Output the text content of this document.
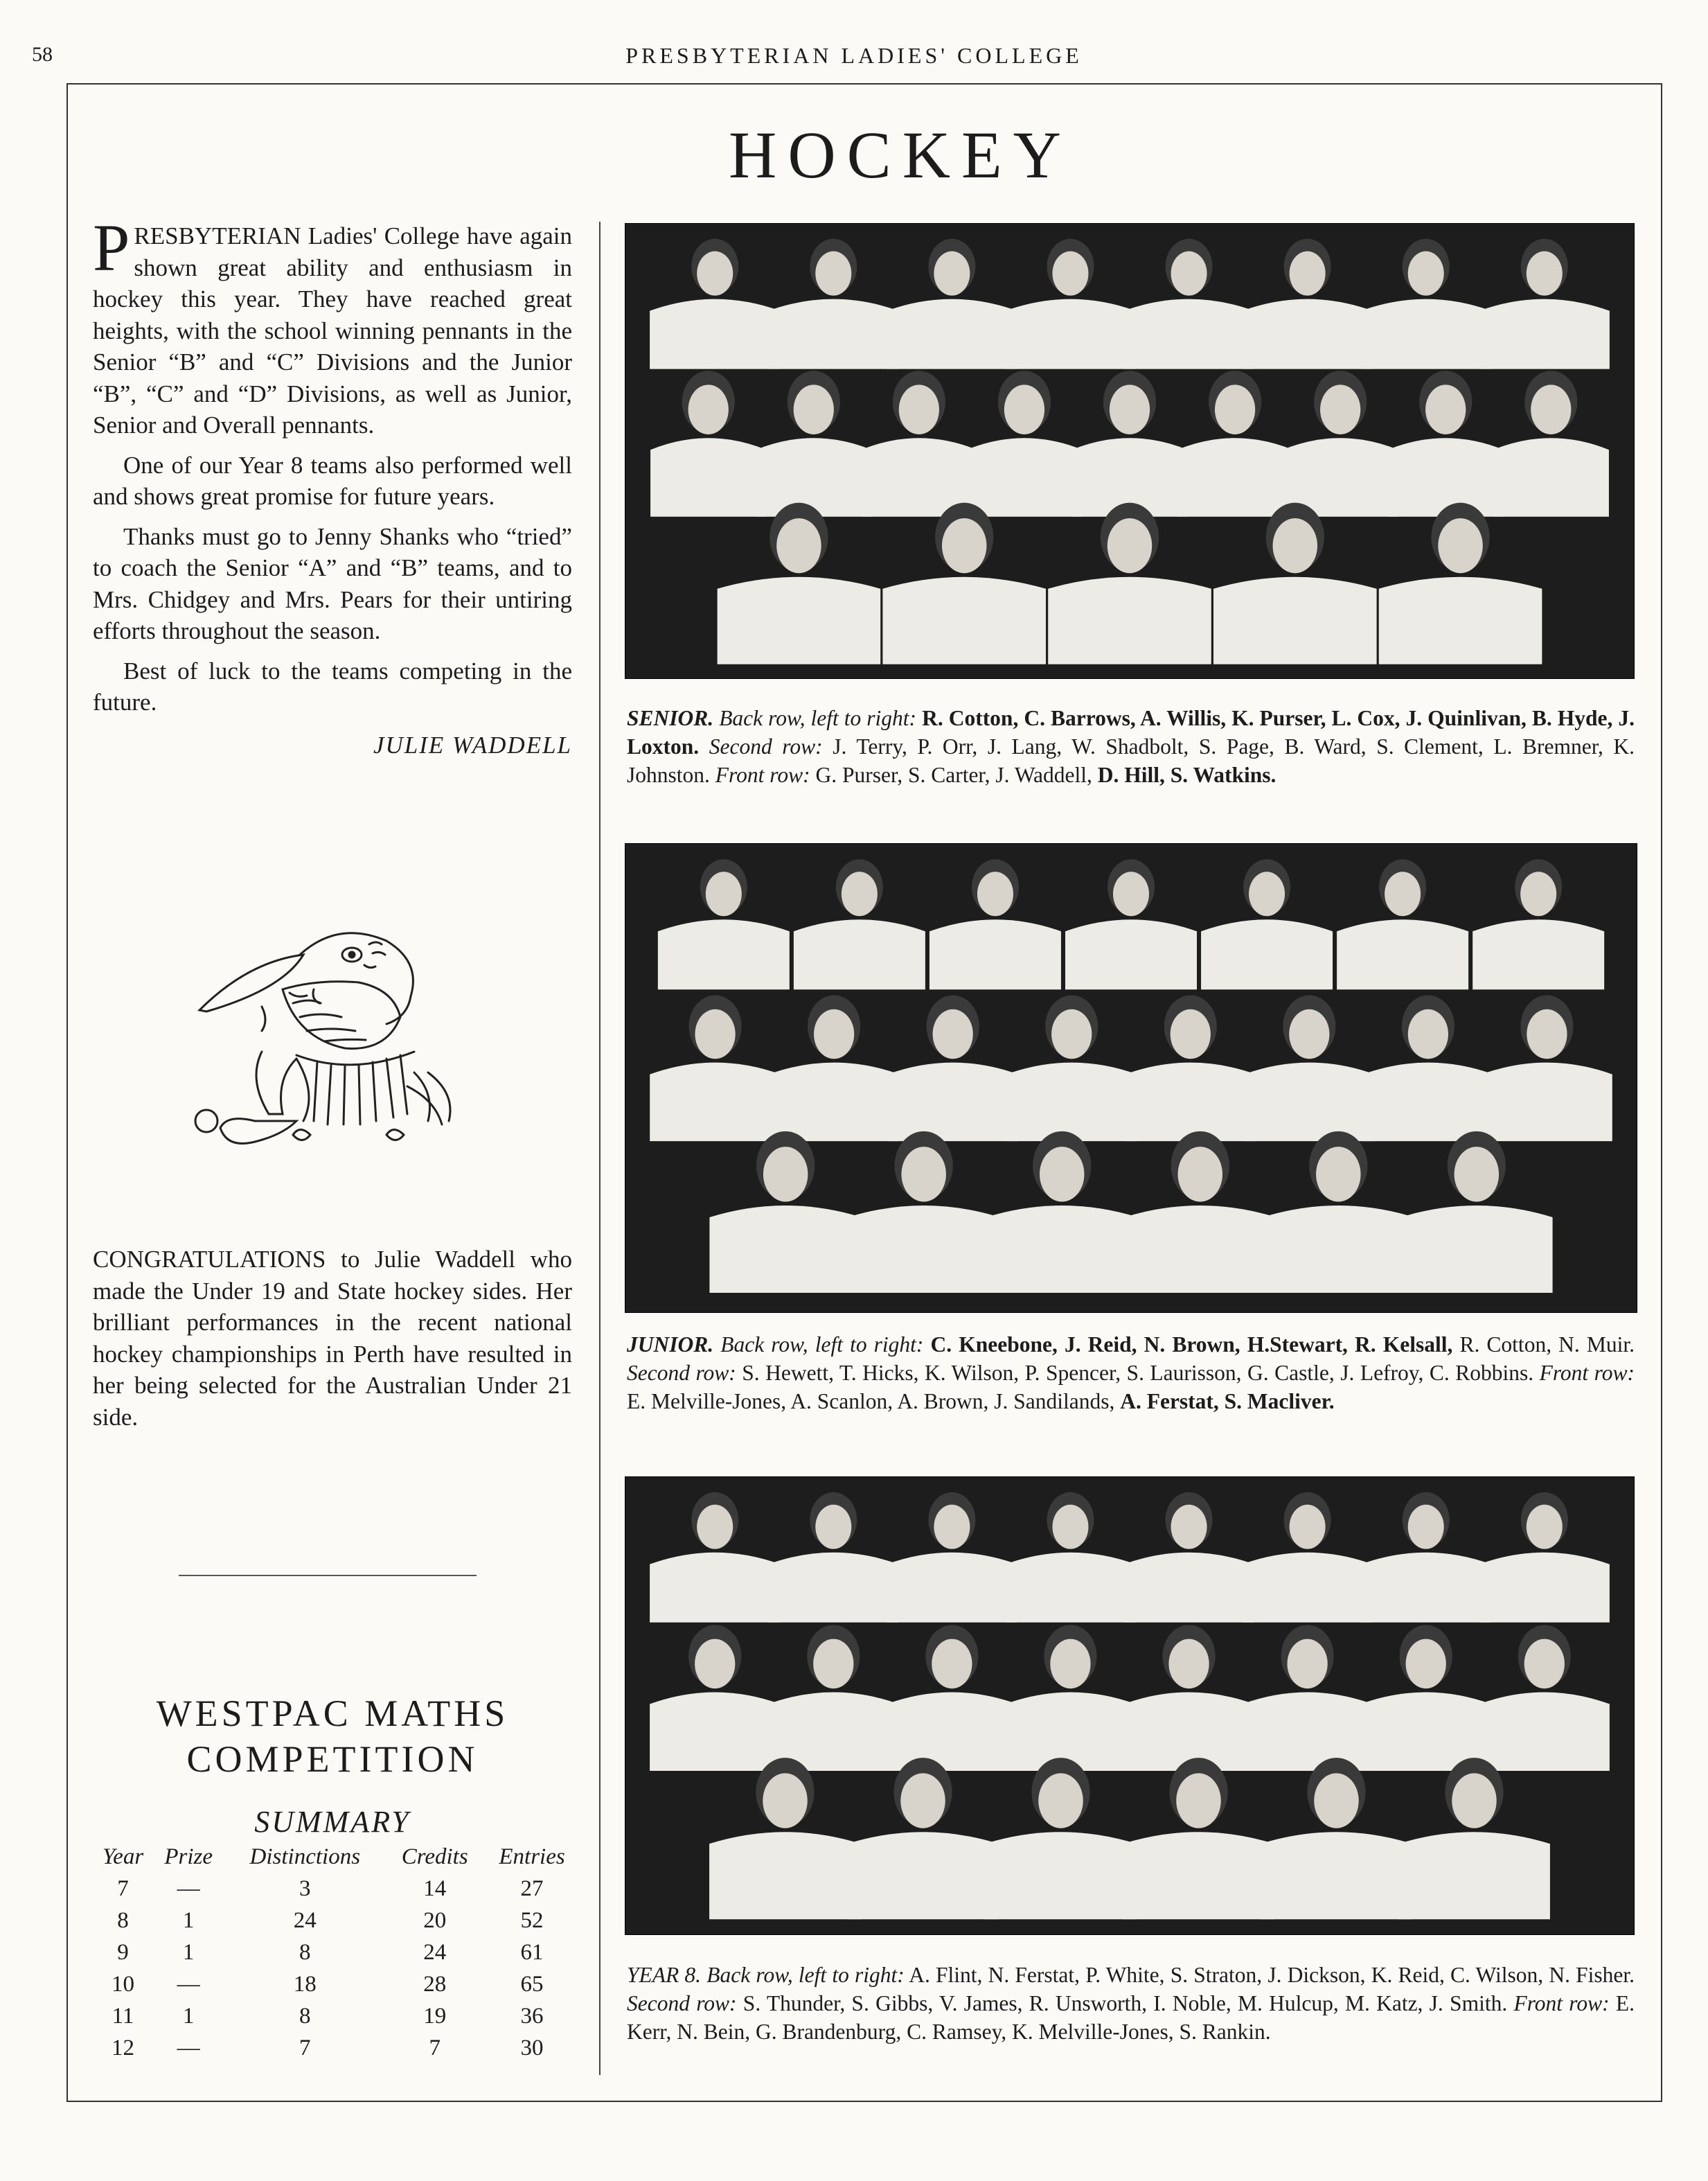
58	PRESBYTERIAN LADIES' COLLEGE
HOCKEY

PRESBYTERIAN Ladies' College have again shown great ability and enthusiasm in hockey this year. They have reached great heights, with the school winning pennants in the Senior “B” and “C” Divisions and the Junior “B”, “C” and “D” Divisions, as well as Junior, Senior and Overall pennants.

One of our Year 8 teams also performed well and shows great promise for future years.

Thanks must go to Jenny Shanks who “tried” to coach the Senior “A” and “B” teams, and to Mrs. Chidgey and Mrs. Pears for their untiring efforts throughout the season.

Best of luck to the teams competing in the future.

JULIE WADDELL

CONGRATULATIONS to Julie Waddell who made the Under 19 and State hockey sides. Her brilliant performances in the recent national hockey championships in Perth have resulted in her being selected for the Australian Under 21 side.

WESTPAC MATHS
COMPETITION
SUMMARY
Year	Prize	Distinctions	Credits	Entries
7	—	3	14	27
8	1	24	20	52
9	1	8	24	61
10	—	18	28	65
11	1	8	19	36
12	—	7	7	30
SENIOR. Back row, left to right: R. Cotton, C. Barrows, A. Willis, K. Purser, L. Cox, J. Quinlivan, B. Hyde, J. Loxton. Second row: J. Terry, P. Orr, J. Lang, W. Shadbolt, S. Page, B. Ward, S. Clement, L. Bremner, K. Johnston. Front row: G. Purser, S. Carter, J. Waddell, D. Hill, S. Watkins.
JUNIOR. Back row, left to right: C. Kneebone, J. Reid, N. Brown, H.Stewart, R. Kelsall, R. Cotton, N. Muir. Second row: S. Hewett, T. Hicks, K. Wilson, P. Spencer, S. Laurisson, G. Castle, J. Lefroy, C. Robbins. Front row: E. Melville-Jones, A. Scanlon, A. Brown, J. Sandilands, A. Ferstat, S. Macliver.
YEAR 8. Back row, left to right: A. Flint, N. Ferstat, P. White, S. Straton, J. Dickson, K. Reid, C. Wilson, N. Fisher. Second row: S. Thunder, S. Gibbs, V. James, R. Unsworth, I. Noble, M. Hulcup, M. Katz, J. Smith. Front row: E. Kerr, N. Bein, G. Brandenburg, C. Ramsey, K. Melville-Jones, S. Rankin.
